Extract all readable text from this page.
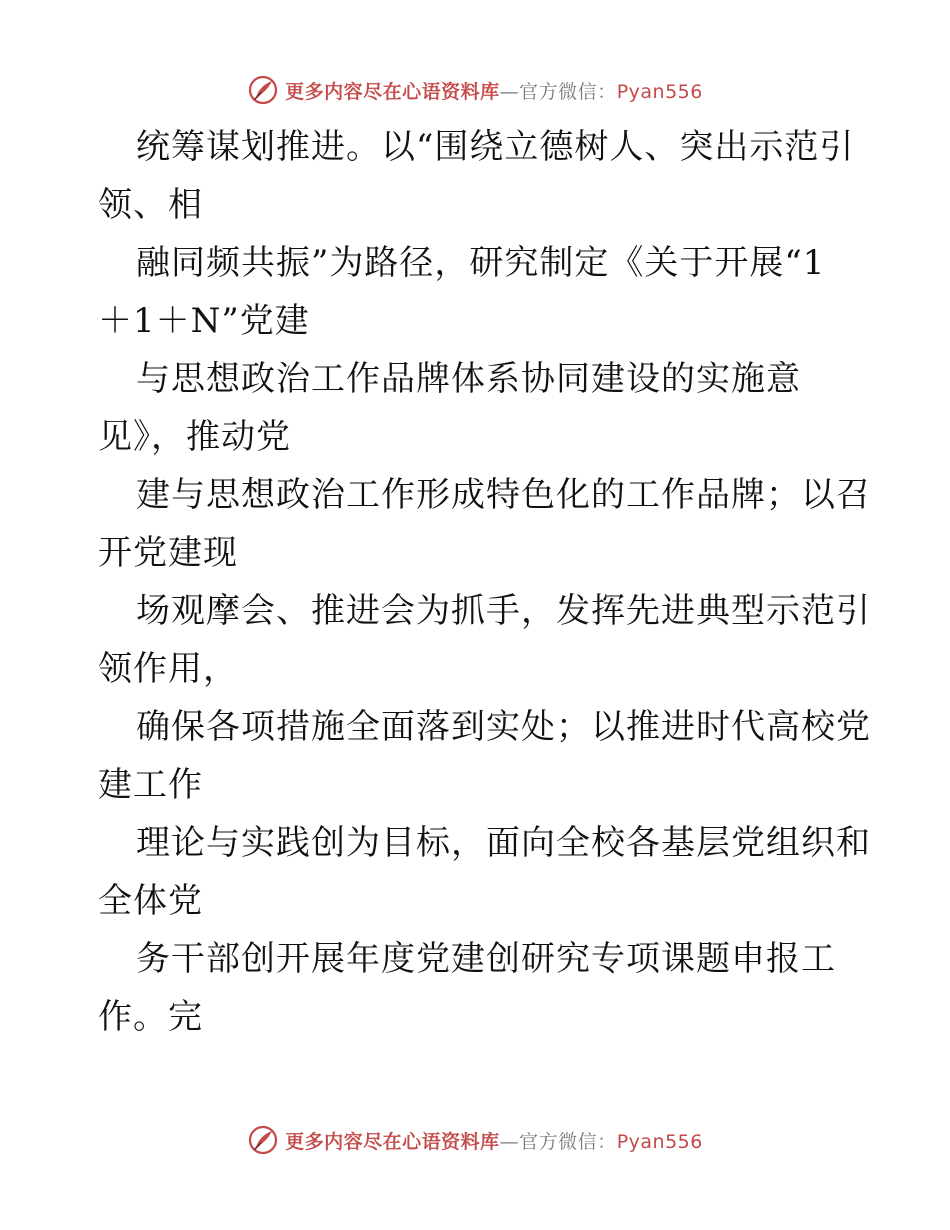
更多内容尽在心语资料库—官方微信：Pyan556
统筹谋划推进。以“围绕立德树人、突出示范引
领、相
融同频共振”为路径，研究制定《关于开展“1
＋1＋N”党建
与思想政治工作品牌体系协同建设的实施意
见》，推动党
建与思想政治工作形成特色化的工作品牌；以召
开党建现
场观摩会、推进会为抓手，发挥先进典型示范引
领作用，
确保各项措施全面落到实处；以推进时代高校党
建工作
理论与实践创为目标，面向全校各基层党组织和
全体党
务干部创开展年度党建创研究专项课题申报工
作。完
更多内容尽在心语资料库—官方微信：Pyan556
